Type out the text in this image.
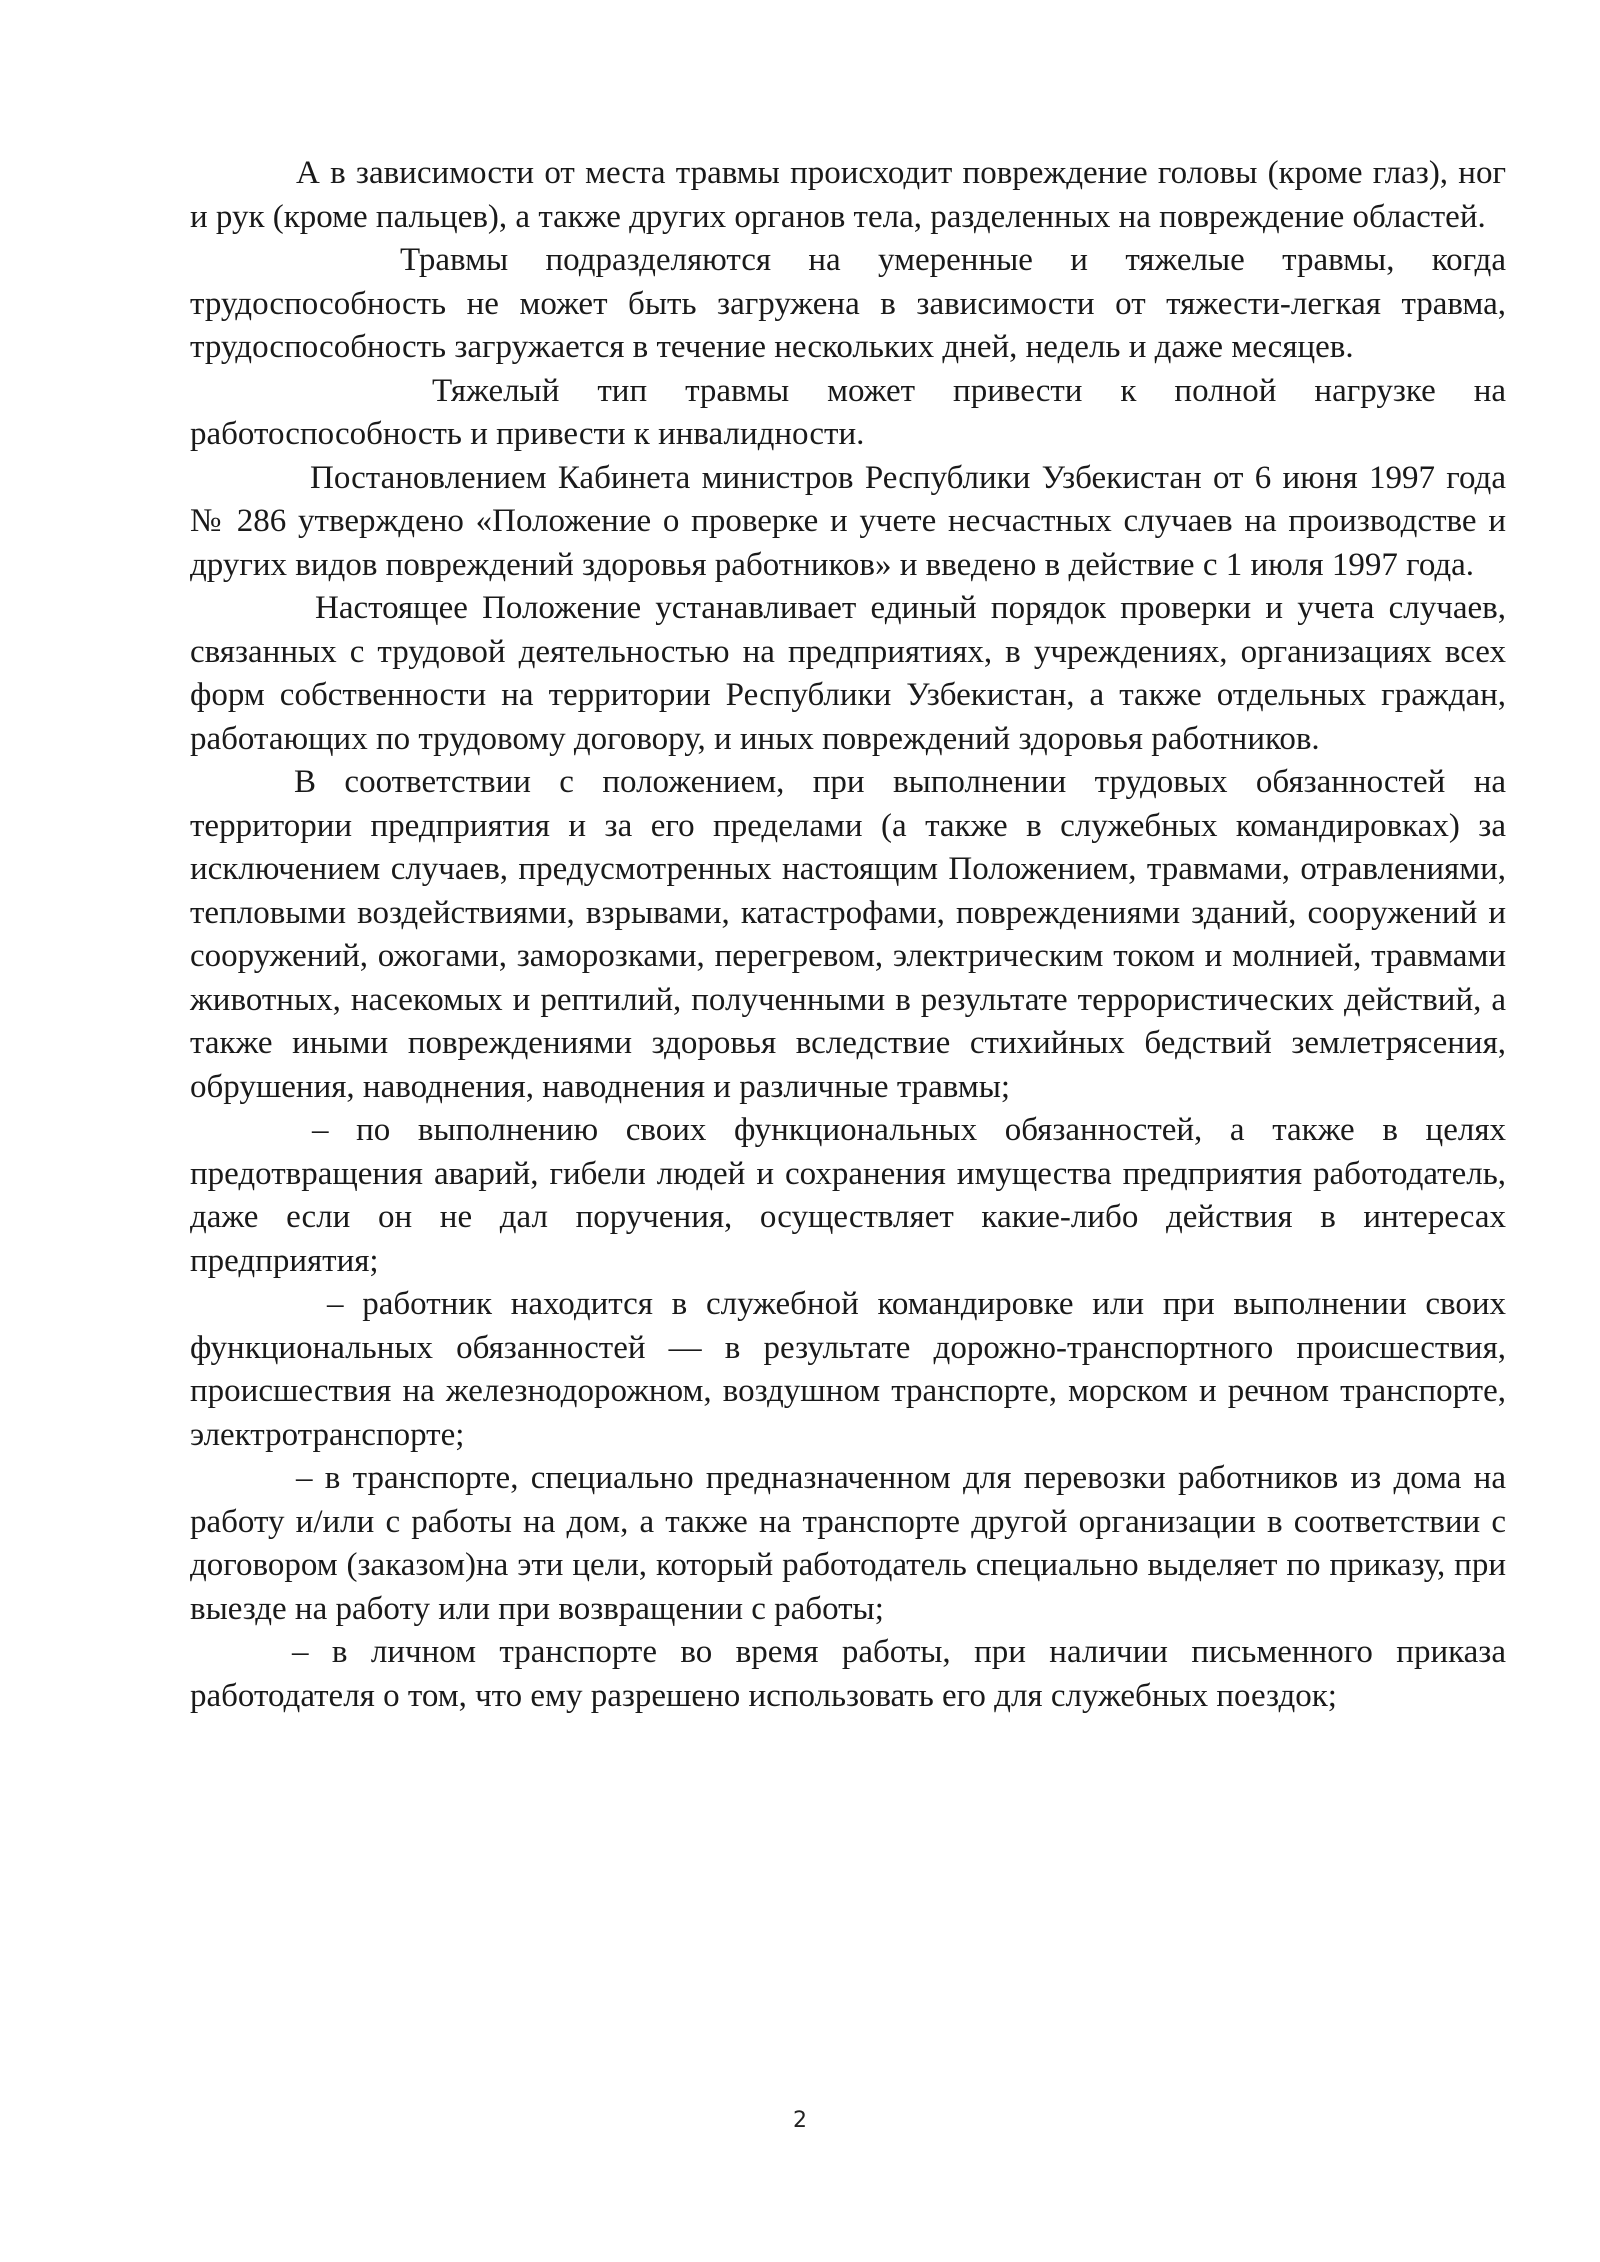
А в зависимости от места травмы происходит повреждение головы (кроме глаз), ног и рук (кроме пальцев), а также других органов тела, разделенных на повреждение областей.

Травмы подразделяются на умеренные и тяжелые травмы, когда трудоспособность не может быть загружена в зависимости от тяжести-легкая травма, трудоспособность загружается в течение нескольких дней, недель и даже месяцев.

Тяжелый тип травмы может привести к полной нагрузке на работоспособность и привести к инвалидности.

Постановлением Кабинета министров Республики Узбекистан от 6 июня 1997 года № 286 утверждено «Положение о проверке и учете несчастных случаев на производстве и других видов повреждений здоровья работников» и введено в действие с 1 июля 1997 года.

Настоящее Положение устанавливает единый порядок проверки и учета случаев, связанных с трудовой деятельностью на предприятиях, в учреждениях, организациях всех форм собственности на территории Республики Узбекистан, а также отдельных граждан, работающих по трудовому договору, и иных повреждений здоровья работников.

В соответствии с положением, при выполнении трудовых обязанностей на территории предприятия и за его пределами (а также в служебных командировках) за исключением случаев, предусмотренных настоящим Положением, травмами, отравлениями, тепловыми воздействиями, взрывами, катастрофами, повреждениями зданий, сооружений и сооружений, ожогами, заморозками, перегревом, электрическим током и молнией, травмами животных, насекомых и рептилий, полученными в результате террористических действий, а также иными повреждениями здоровья вследствие стихийных бедствий землетрясения, обрушения, наводнения, наводнения и различные травмы;

– по выполнению своих функциональных обязанностей, а также в целях предотвращения аварий, гибели людей и сохранения имущества предприятия работодатель, даже если он не дал поручения, осуществляет какие-либо действия в интересах предприятия;

– работник находится в служебной командировке или при выполнении своих функциональных обязанностей — в результате дорожно-транспортного происшествия, происшествия на железнодорожном, воздушном транспорте, морском и речном транспорте, электротранспорте;

– в транспорте, специально предназначенном для перевозки работников из дома на работу и/или с работы на дом, а также на транспорте другой организации в соответствии с договором (заказом)на эти цели, который работодатель специально выделяет по приказу, при выезде на работу или при возвращении с работы;

– в личном транспорте во время работы, при наличии письменного приказа работодателя о том, что ему разрешено использовать его для служебных поездок;

2
